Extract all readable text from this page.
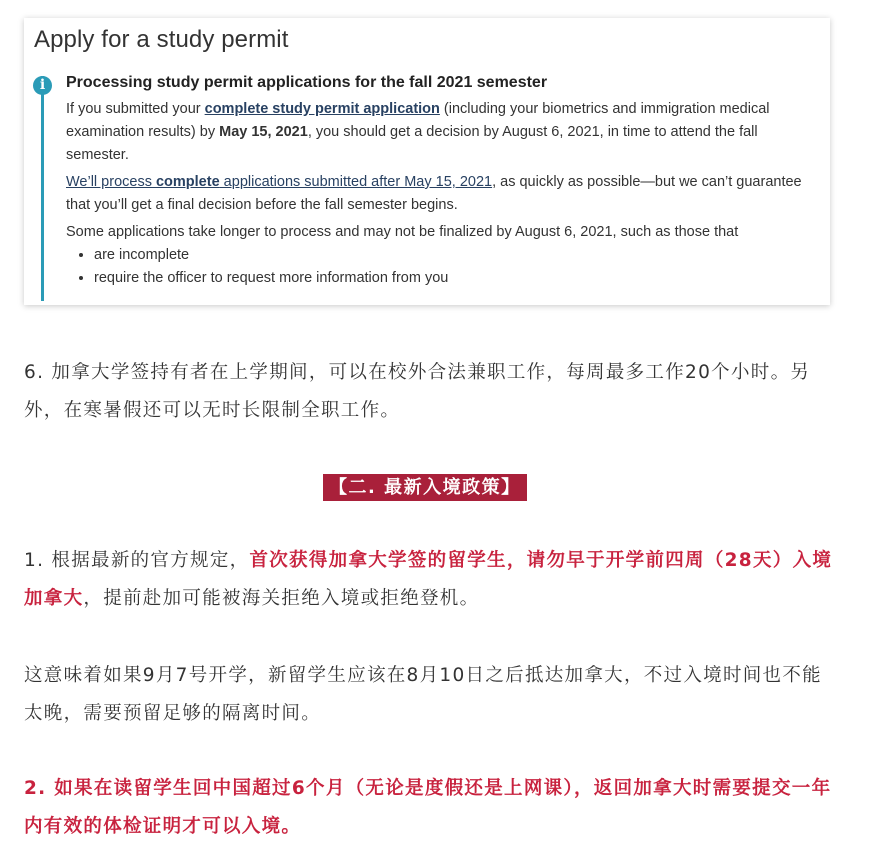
Apply for a study permit
i	Processing study permit applications for the fall 2021 semester

If you submitted your complete study permit application (including your biometrics and immigration medical examination results) by May 15, 2021, you should get a decision by August 6, 2021, in time to attend the fall semester.

We’ll process complete applications submitted after May 15, 2021, as quickly as possible—but we can’t guarantee that you’ll get a final decision before the fall semester begins.

Some applications take longer to process and may not be finalized by August 6, 2021, such as those that

• are incomplete
• require the officer to request more information from you

6. 加拿大学签持有者在上学期间，可以在校外合法兼职工作，每周最多工作20个小时。另外，在寒暑假还可以无时长限制全职工作。

【二. 最新入境政策】

1. 根据最新的官方规定，首次获得加拿大学签的留学生，请勿早于开学前四周（28天）入境加拿大，提前赴加可能被海关拒绝入境或拒绝登机。

这意味着如果9月7号开学，新留学生应该在8月10日之后抵达加拿大，不过入境时间也不能太晚，需要预留足够的隔离时间。

2. 如果在读留学生回中国超过6个月（无论是度假还是上网课），返回加拿大时需要提交一年内有效的体检证明才可以入境。
